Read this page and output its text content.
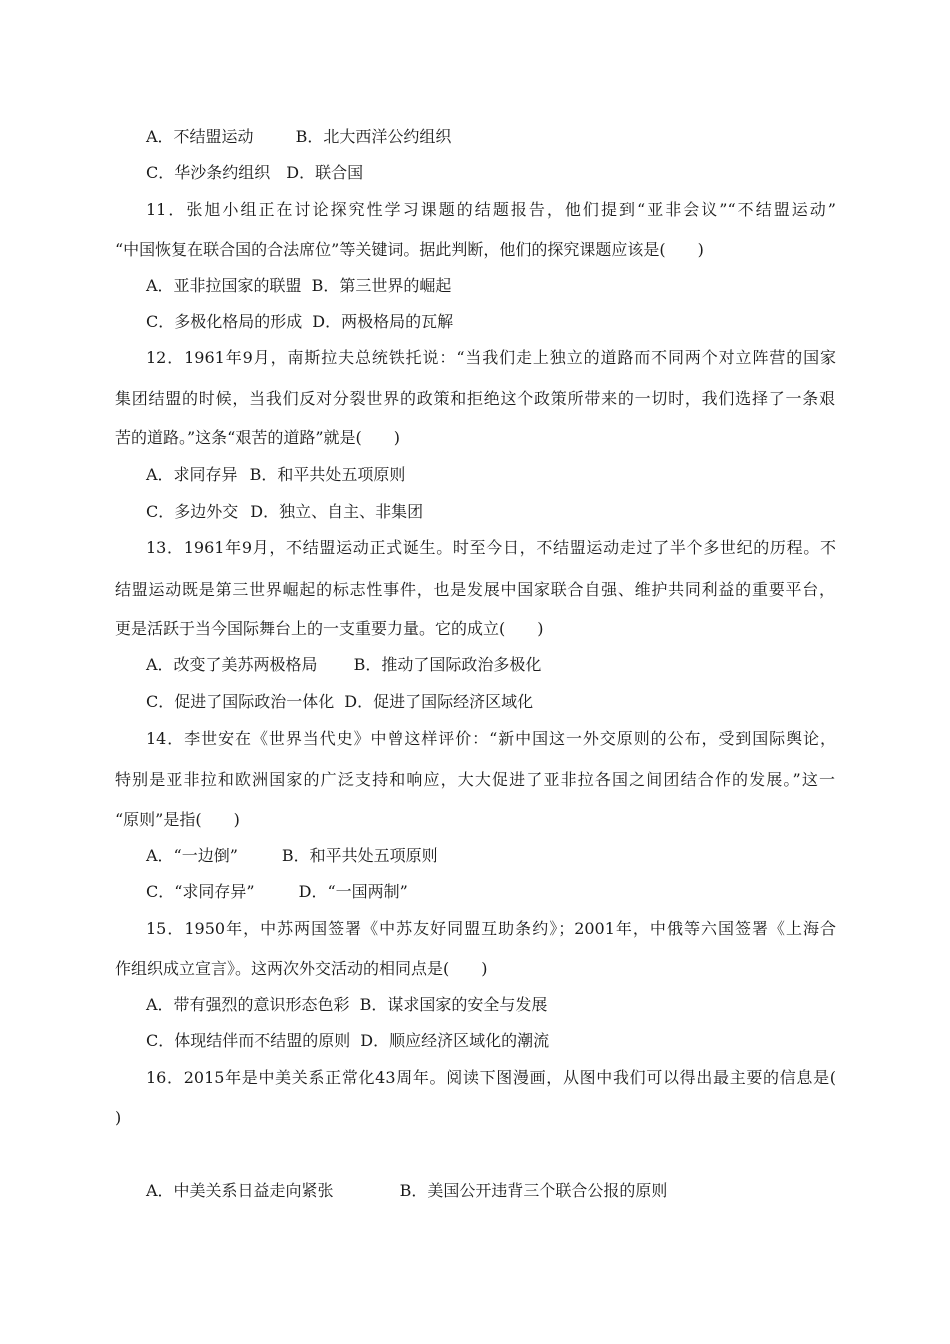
A．不结盟运动	B．北大西洋公约组织
C．华沙条约组织 D．联合国
11．张旭小组正在讨论探究性学习课题的结题报告，他们提到“亚非会议”“不结盟运动”
“中国恢复在联合国的合法席位”等关键词。据此判断，他们的探究课题应该是(　　)
A．亚非拉国家的联盟 B．第三世界的崛起
C．多极化格局的形成 D．两极格局的瓦解
12．1961年9月，南斯拉夫总统铁托说：“当我们走上独立的道路而不同两个对立阵营的国家
集团结盟的时候，当我们反对分裂世界的政策和拒绝这个政策所带来的一切时，我们选择了一条艰
苦的道路。”这条“艰苦的道路”就是(　　)
A．求同存异 B．和平共处五项原则
C．多边外交 D．独立、自主、非集团
13．1961年9月，不结盟运动正式诞生。时至今日，不结盟运动走过了半个多世纪的历程。不
结盟运动既是第三世界崛起的标志性事件，也是发展中国家联合自强、维护共同利益的重要平台，
更是活跃于当今国际舞台上的一支重要力量。它的成立(　　)
A．改变了美苏两极格局 B．推动了国际政治多极化
C．促进了国际政治一体化 D．促进了国际经济区域化
14．李世安在《世界当代史》中曾这样评价：“新中国这一外交原则的公布，受到国际舆论，
特别是亚非拉和欧洲国家的广泛支持和响应，大大促进了亚非拉各国之间团结合作的发展。”这一
“原则”是指(　　)
A．“一边倒”	B．和平共处五项原则
C．“求同存异”	D．“一国两制”
15．1950年，中苏两国签署《中苏友好同盟互助条约》；2001年，中俄等六国签署《上海合
作组织成立宣言》。这两次外交活动的相同点是(　　)
A．带有强烈的意识形态色彩 B．谋求国家的安全与发展
C．体现结伴而不结盟的原则 D．顺应经济区域化的潮流
16．2015年是中美关系正常化43周年。阅读下图漫画，从图中我们可以得出最主要的信息是(
)
A．中美关系日益走向紧张	B．美国公开违背三个联合公报的原则
